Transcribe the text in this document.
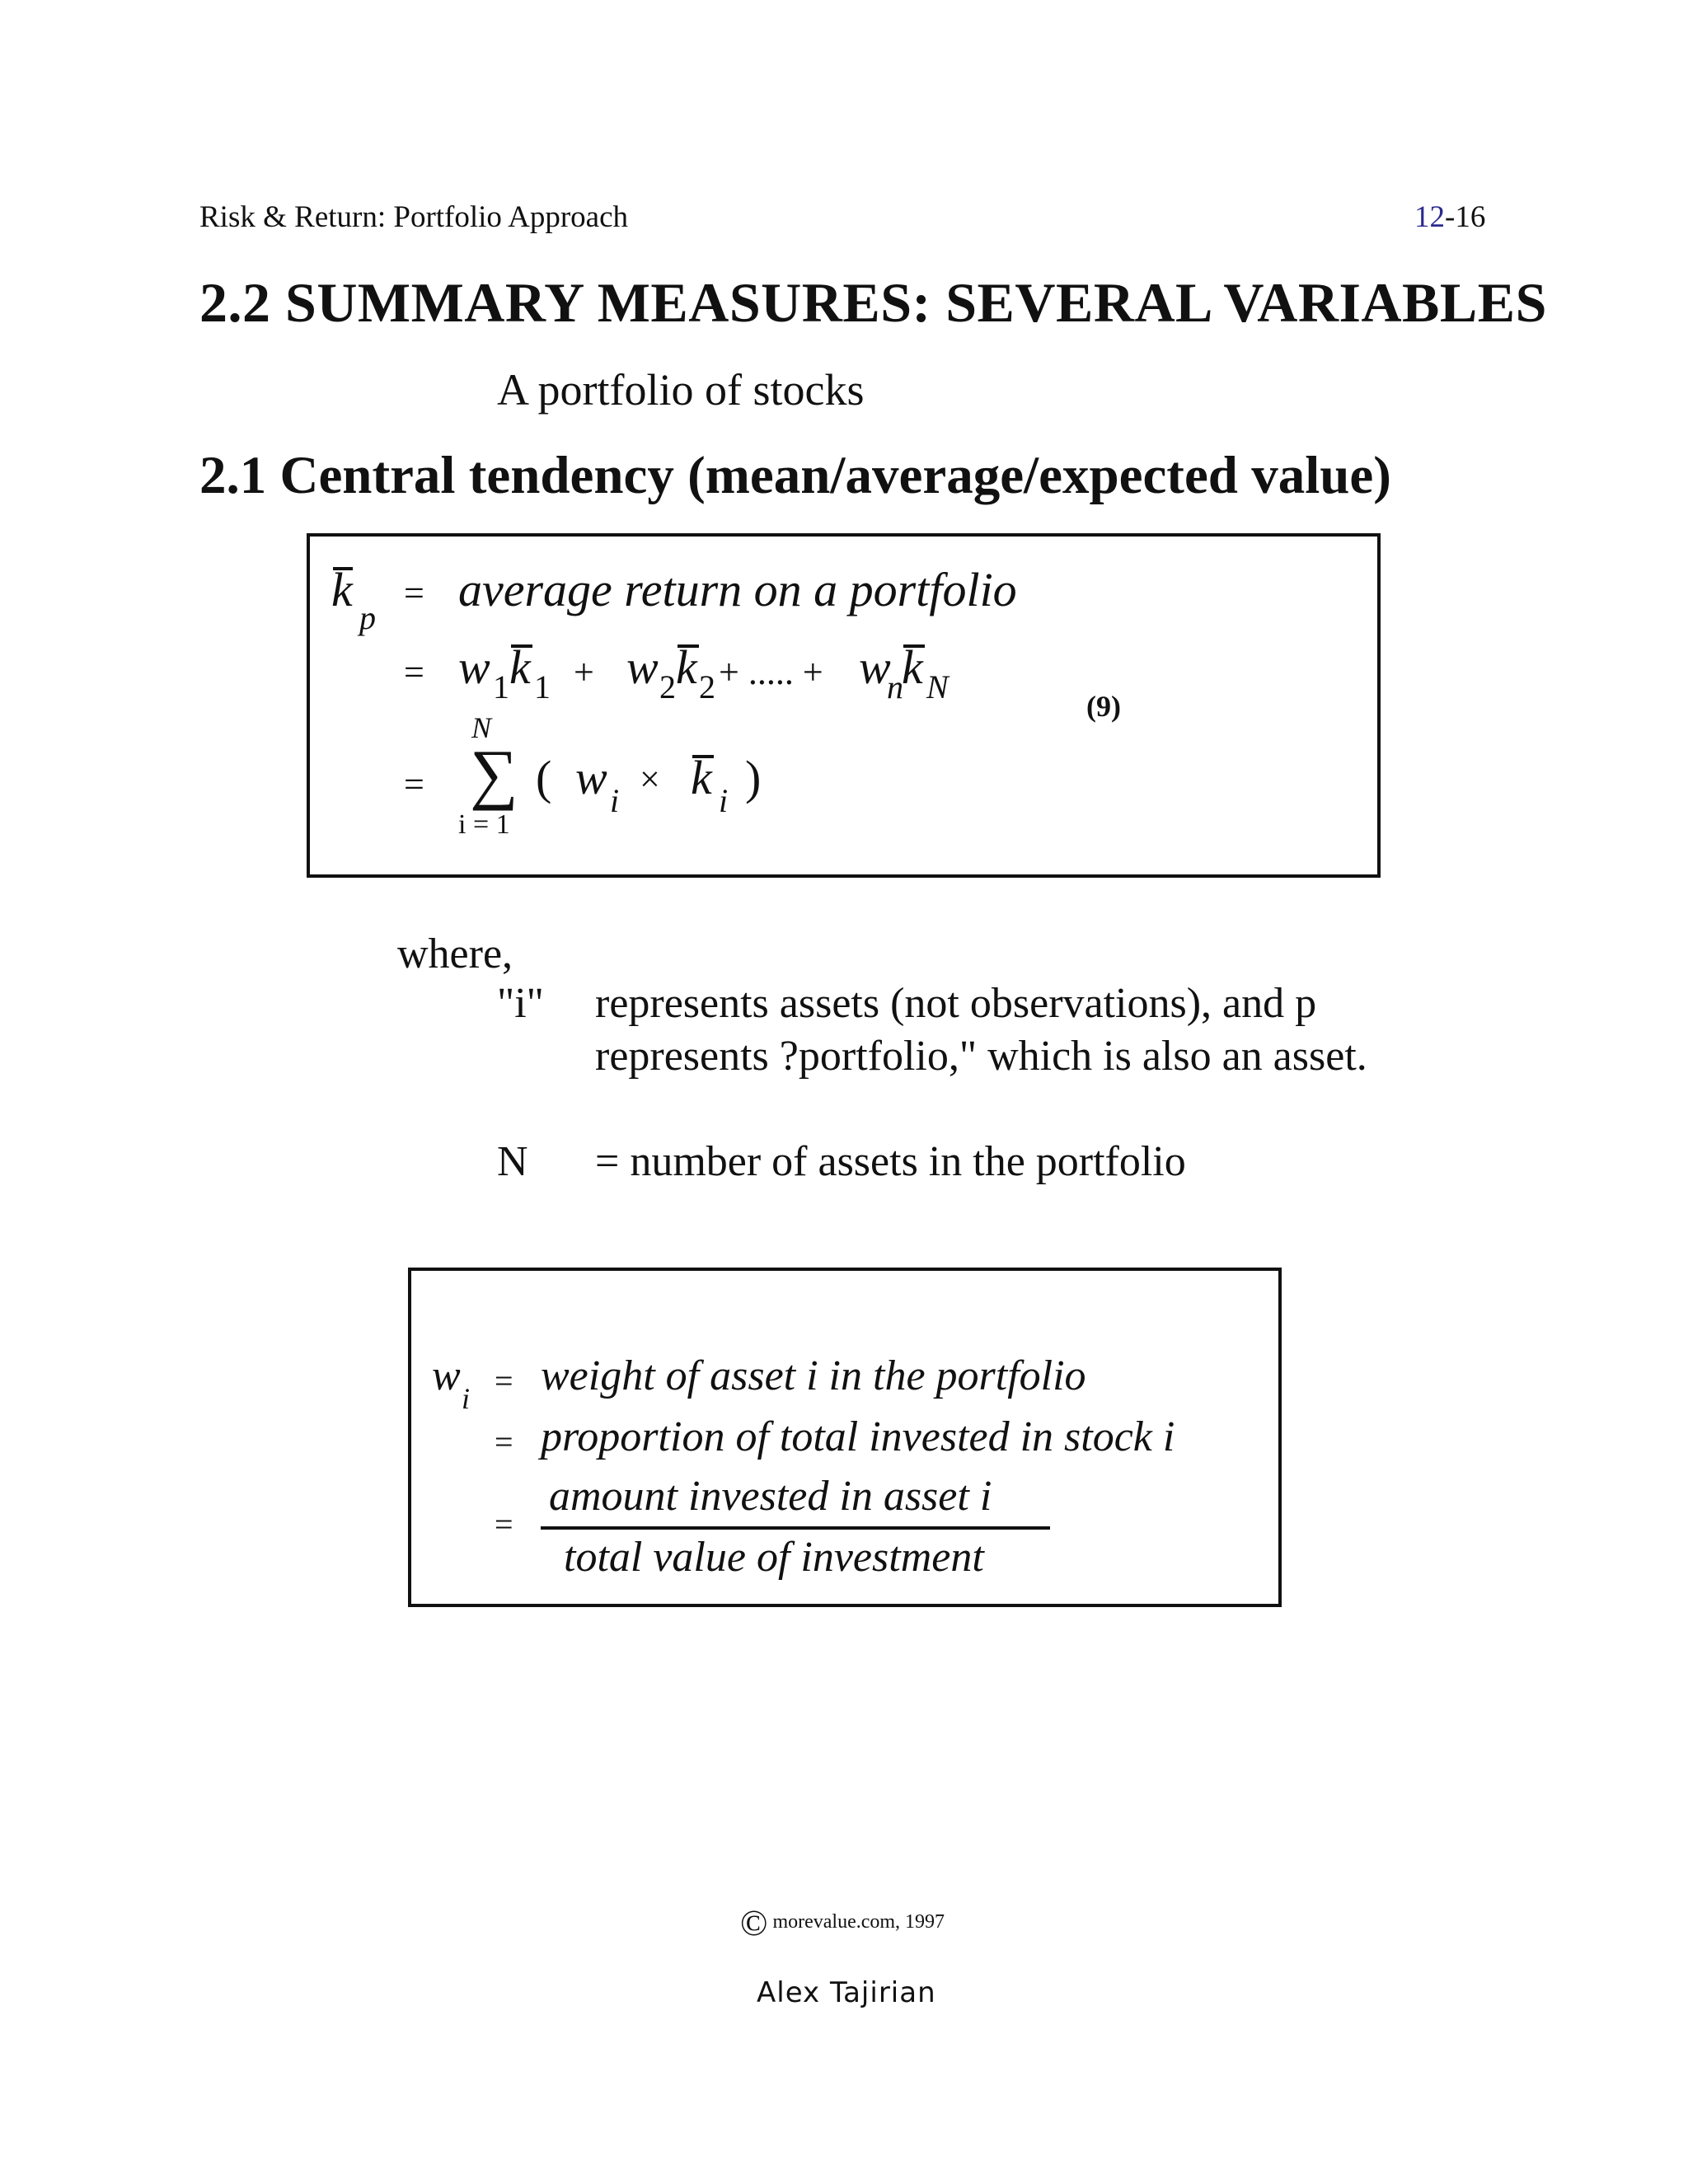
Risk & Return: Portfolio Approach	12-16
2.2 SUMMARY MEASURES: SEVERAL VARIABLES
A portfolio of stocks
2.1 Central tendency (mean/average/expected value)
k
p
= average return on a portfolio
= w 1 k 1 + w 2 k 2 + ..... + w
n
k N
(9)
N
= ∑
i = 1
( w i
× k i )
where,
"i" represents assets (not observations), and p
represents ?portfolio," which is also an asset.
N = number of assets in the portfolio
w i = weight of asset i in the portfolio
= proportion of total invested in stock i
amount invested in asset i
=
total value of investment
© morevalue.com, 1997
Alex Tajirian
